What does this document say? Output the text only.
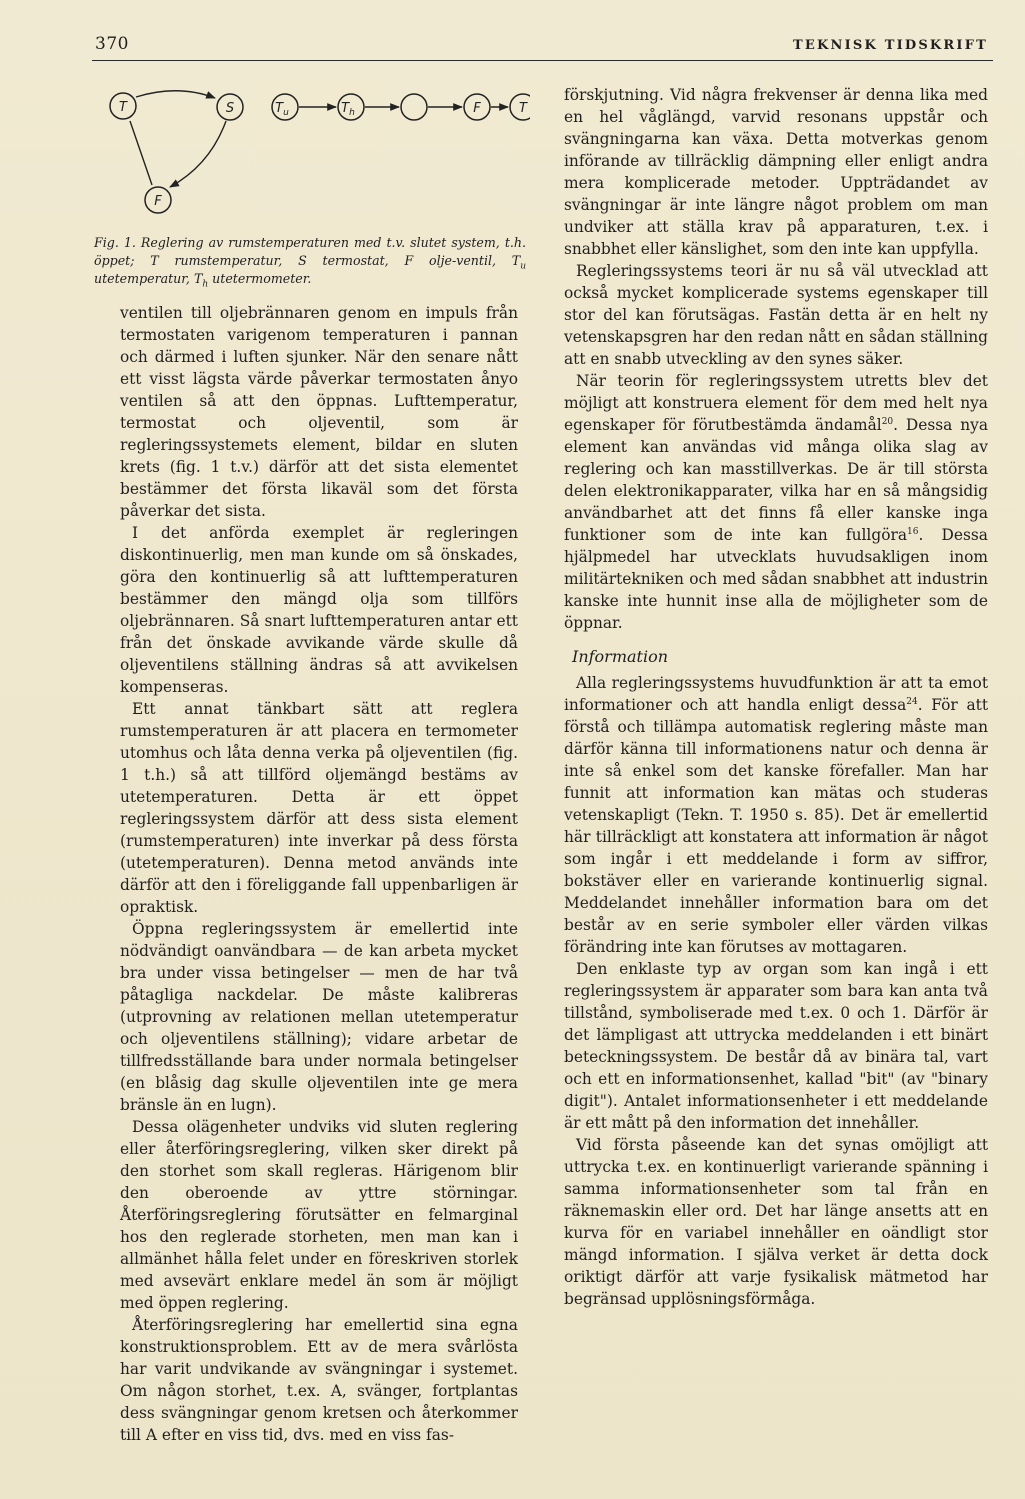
370	TEKNISK TIDSKRIFT
T	S
F
$T_u$	$T_h$	F	T
Fig. 1. Reglering av rumstemperaturen med t.v. slutet system, t.h. öppet; T rumstemperatur, S termostat, F olje-ventil, $T_u$ utetemperatur, $T_h$ utetermometer.

ventilen till oljebrännaren genom en impuls från termostaten varigenom temperaturen i pannan och därmed i luften sjunker. När den senare nått ett visst lägsta värde påverkar termostaten ånyo ventilen så att den öppnas. Lufttemperatur, termostat och oljeventil, som är regleringssystemets element, bildar en sluten krets (fig. 1 t.v.) därför att det sista elementet bestämmer det första likaväl som det första påverkar det sista.

I det anförda exemplet är regleringen diskontinuerlig, men man kunde om så önskades, göra den kontinuerlig så att lufttemperaturen bestämmer den mängd olja som tillförs oljebrännaren. Så snart lufttemperaturen antar ett från det önskade avvikande värde skulle då oljeventilens ställning ändras så att avvikelsen kompenseras.

Ett annat tänkbart sätt att reglera rumstemperaturen är att placera en termometer utomhus och låta denna verka på oljeventilen (fig. 1 t.h.) så att tillförd oljemängd bestäms av utetemperaturen. Detta är ett öppet regleringssystem därför att dess sista element (rumstemperaturen) inte inverkar på dess första (utetemperaturen). Denna metod används inte därför att den i föreliggande fall uppenbarligen är opraktisk.

Öppna regleringssystem är emellertid inte nödvändigt oanvändbara — de kan arbeta mycket bra under vissa betingelser — men de har två påtagliga nackdelar. De måste kalibreras (utprovning av relationen mellan utetemperatur och oljeventilens ställning); vidare arbetar de tillfredsställande bara under normala betingelser (en blåsig dag skulle oljeventilen inte ge mera bränsle än en lugn).

Dessa olägenheter undviks vid sluten reglering eller återföringsreglering, vilken sker direkt på den storhet som skall regleras. Härigenom blir den oberoende av yttre störningar. Återföringsreglering förutsätter en felmarginal hos den reglerade storheten, men man kan i allmänhet hålla felet under en föreskriven storlek med avsevärt enklare medel än som är möjligt med öppen reglering.

Återföringsreglering har emellertid sina egna konstruktionsproblem. Ett av de mera svårlösta har varit undvikande av svängningar i systemet. Om någon storhet, t.ex. A, svänger, fortplantas dess svängningar genom kretsen och återkommer till A efter en viss tid, dvs. med en viss fas-

förskjutning. Vid några frekvenser är denna lika med en hel våglängd, varvid resonans uppstår och svängningarna kan växa. Detta motverkas genom införande av tillräcklig dämpning eller enligt andra mera komplicerade metoder. Uppträdandet av svängningar är inte längre något problem om man undviker att ställa krav på apparaturen, t.ex. i snabbhet eller känslighet, som den inte kan uppfylla.

Regleringssystems teori är nu så väl utvecklad att också mycket komplicerade systems egenskaper till stor del kan förutsägas. Fastän detta är en helt ny vetenskapsgren har den redan nått en sådan ställning att en snabb utveckling av den synes säker.

När teorin för regleringssystem utretts blev det möjligt att konstruera element för dem med helt nya egenskaper för förutbestämda ändamål$^{20}$. Dessa nya element kan användas vid många olika slag av reglering och kan masstillverkas. De är till största delen elektronikapparater, vilka har en så mångsidig användbarhet att det finns få eller kanske inga funktioner som de inte kan fullgöra$^{16}$. Dessa hjälpmedel har utvecklats huvudsakligen inom militärtekniken och med sådan snabbhet att industrin kanske inte hunnit inse alla de möjligheter som de öppnar.

Information

Alla regleringssystems huvudfunktion är att ta emot informationer och att handla enligt dessa$^{24}$. För att förstå och tillämpa automatisk reglering måste man därför känna till informationens natur och denna är inte så enkel som det kanske förefaller. Man har funnit att information kan mätas och studeras vetenskapligt (Tekn. T. 1950 s. 85). Det är emellertid här tillräckligt att konstatera att information är något som ingår i ett meddelande i form av siffror, bokstäver eller en varierande kontinuerlig signal. Meddelandet innehåller information bara om det består av en serie symboler eller värden vilkas förändring inte kan förutses av mottagaren.

Den enklaste typ av organ som kan ingå i ett regleringssystem är apparater som bara kan anta två tillstånd, symboliserade med t.ex. 0 och 1. Därför är det lämpligast att uttrycka meddelanden i ett binärt beteckningssystem. De består då av binära tal, vart och ett en informationsenhet, kallad "bit" (av "binary digit"). Antalet informationsenheter i ett meddelande är ett mått på den information det innehåller.

Vid första påseende kan det synas omöjligt att uttrycka t.ex. en kontinuerligt varierande spänning i samma informationsenheter som tal från en räknemaskin eller ord. Det har länge ansetts att en kurva för en variabel innehåller en oändligt stor mängd information. I själva verket är detta dock oriktigt därför att varje fysikalisk mätmetod har begränsad upplösningsförmåga.
